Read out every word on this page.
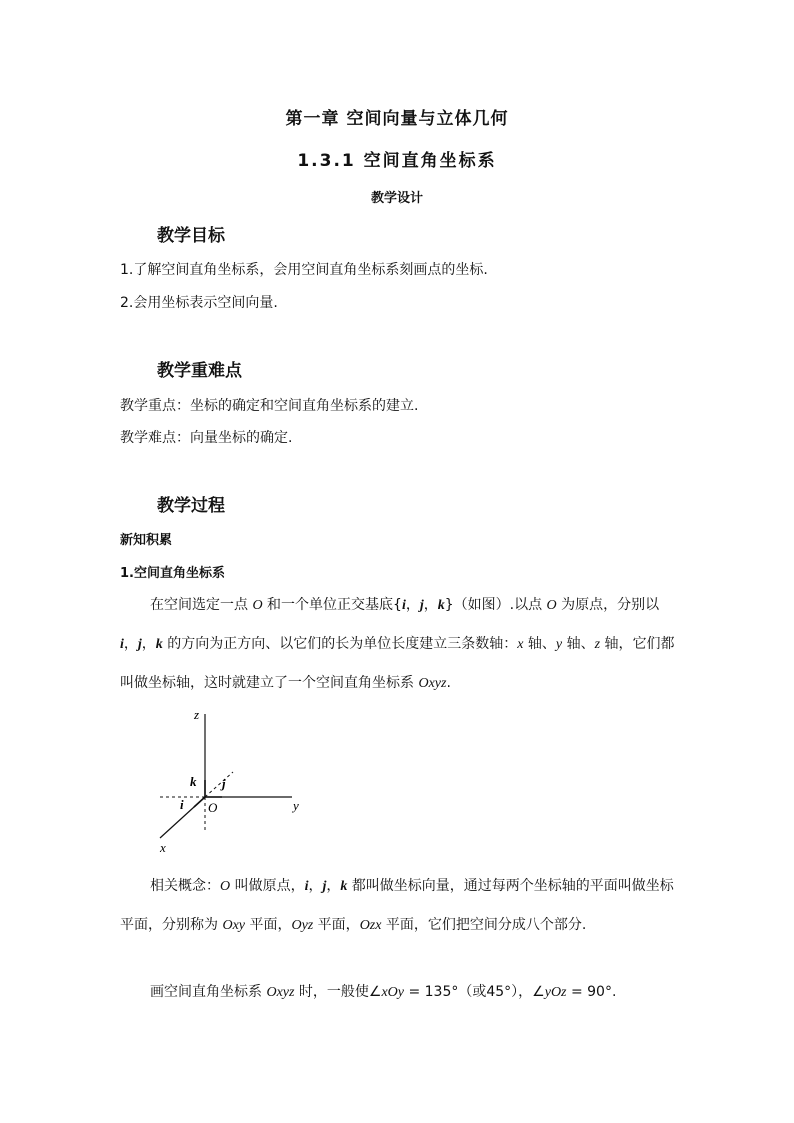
第一章 空间向量与立体几何
1.3.1 空间直角坐标系
教学设计
教学目标
1.了解空间直角坐标系，会用空间直角坐标系刻画点的坐标.
2.会用坐标表示空间向量.
教学重难点
教学重点：坐标的确定和空间直角坐标系的建立.
教学难点：向量坐标的确定.
教学过程
新知积累
1.空间直角坐标系
在空间选定一点 O 和一个单位正交基底{i，j，k}（如图）.以点 O 为原点，分别以i，j，k 的方向为正方向、以它们的长为单位长度建立三条数轴：x 轴、y 轴、z 轴，它们都叫做坐标轴，这时就建立了一个空间直角坐标系 Oxyz.
z
y
x
O
k j
i
相关概念：O 叫做原点，i，j，k 都叫做坐标向量，通过每两个坐标轴的平面叫做坐标平面，分别称为 Oxy 平面，Oyz 平面，Ozx 平面，它们把空间分成八个部分.
画空间直角坐标系 Oxyz 时，一般使∠xOy = 135°（或45°），∠yOz = 90°.
